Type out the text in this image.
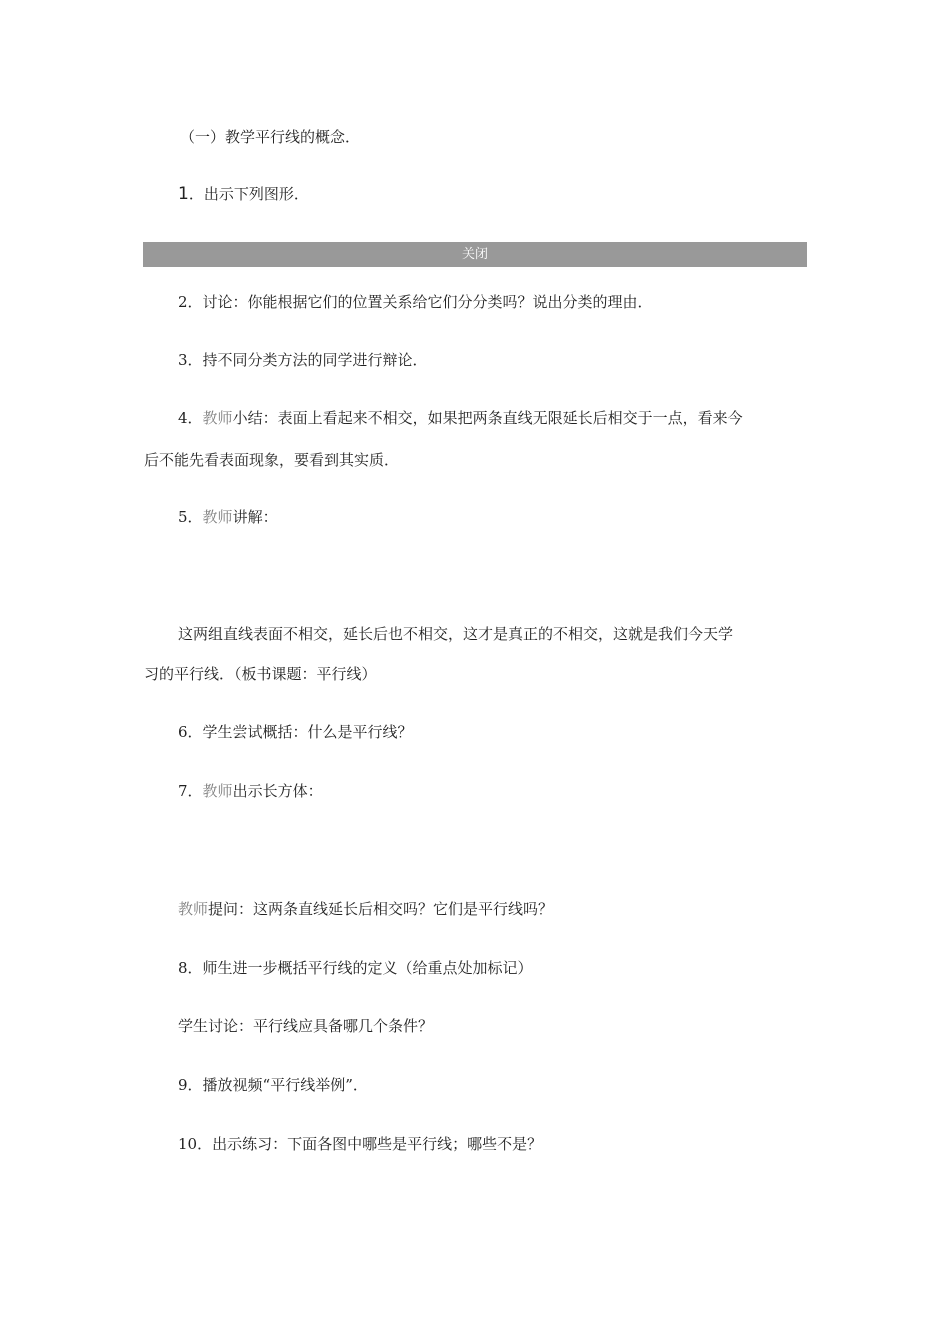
（一）教学平行线的概念．
1．出示下列图形．
关闭
2．讨论：你能根据它们的位置关系给它们分分类吗？说出分类的理由．
3．持不同分类方法的同学进行辩论．
4．教师小结：表面上看起来不相交，如果把两条直线无限延长后相交于一点，看来今
后不能先看表面现象，要看到其实质．
5．教师讲解：
这两组直线表面不相交，延长后也不相交，这才是真正的不相交，这就是我们今天学
习的平行线．（板书课题：平行线）
6．学生尝试概括：什么是平行线？
7．教师出示长方体：
教师提问：这两条直线延长后相交吗？它们是平行线吗？
8．师生进一步概括平行线的定义（给重点处加标记）
学生讨论：平行线应具备哪几个条件？
9．播放视频“平行线举例”．
10．出示练习：下面各图中哪些是平行线；哪些不是？
